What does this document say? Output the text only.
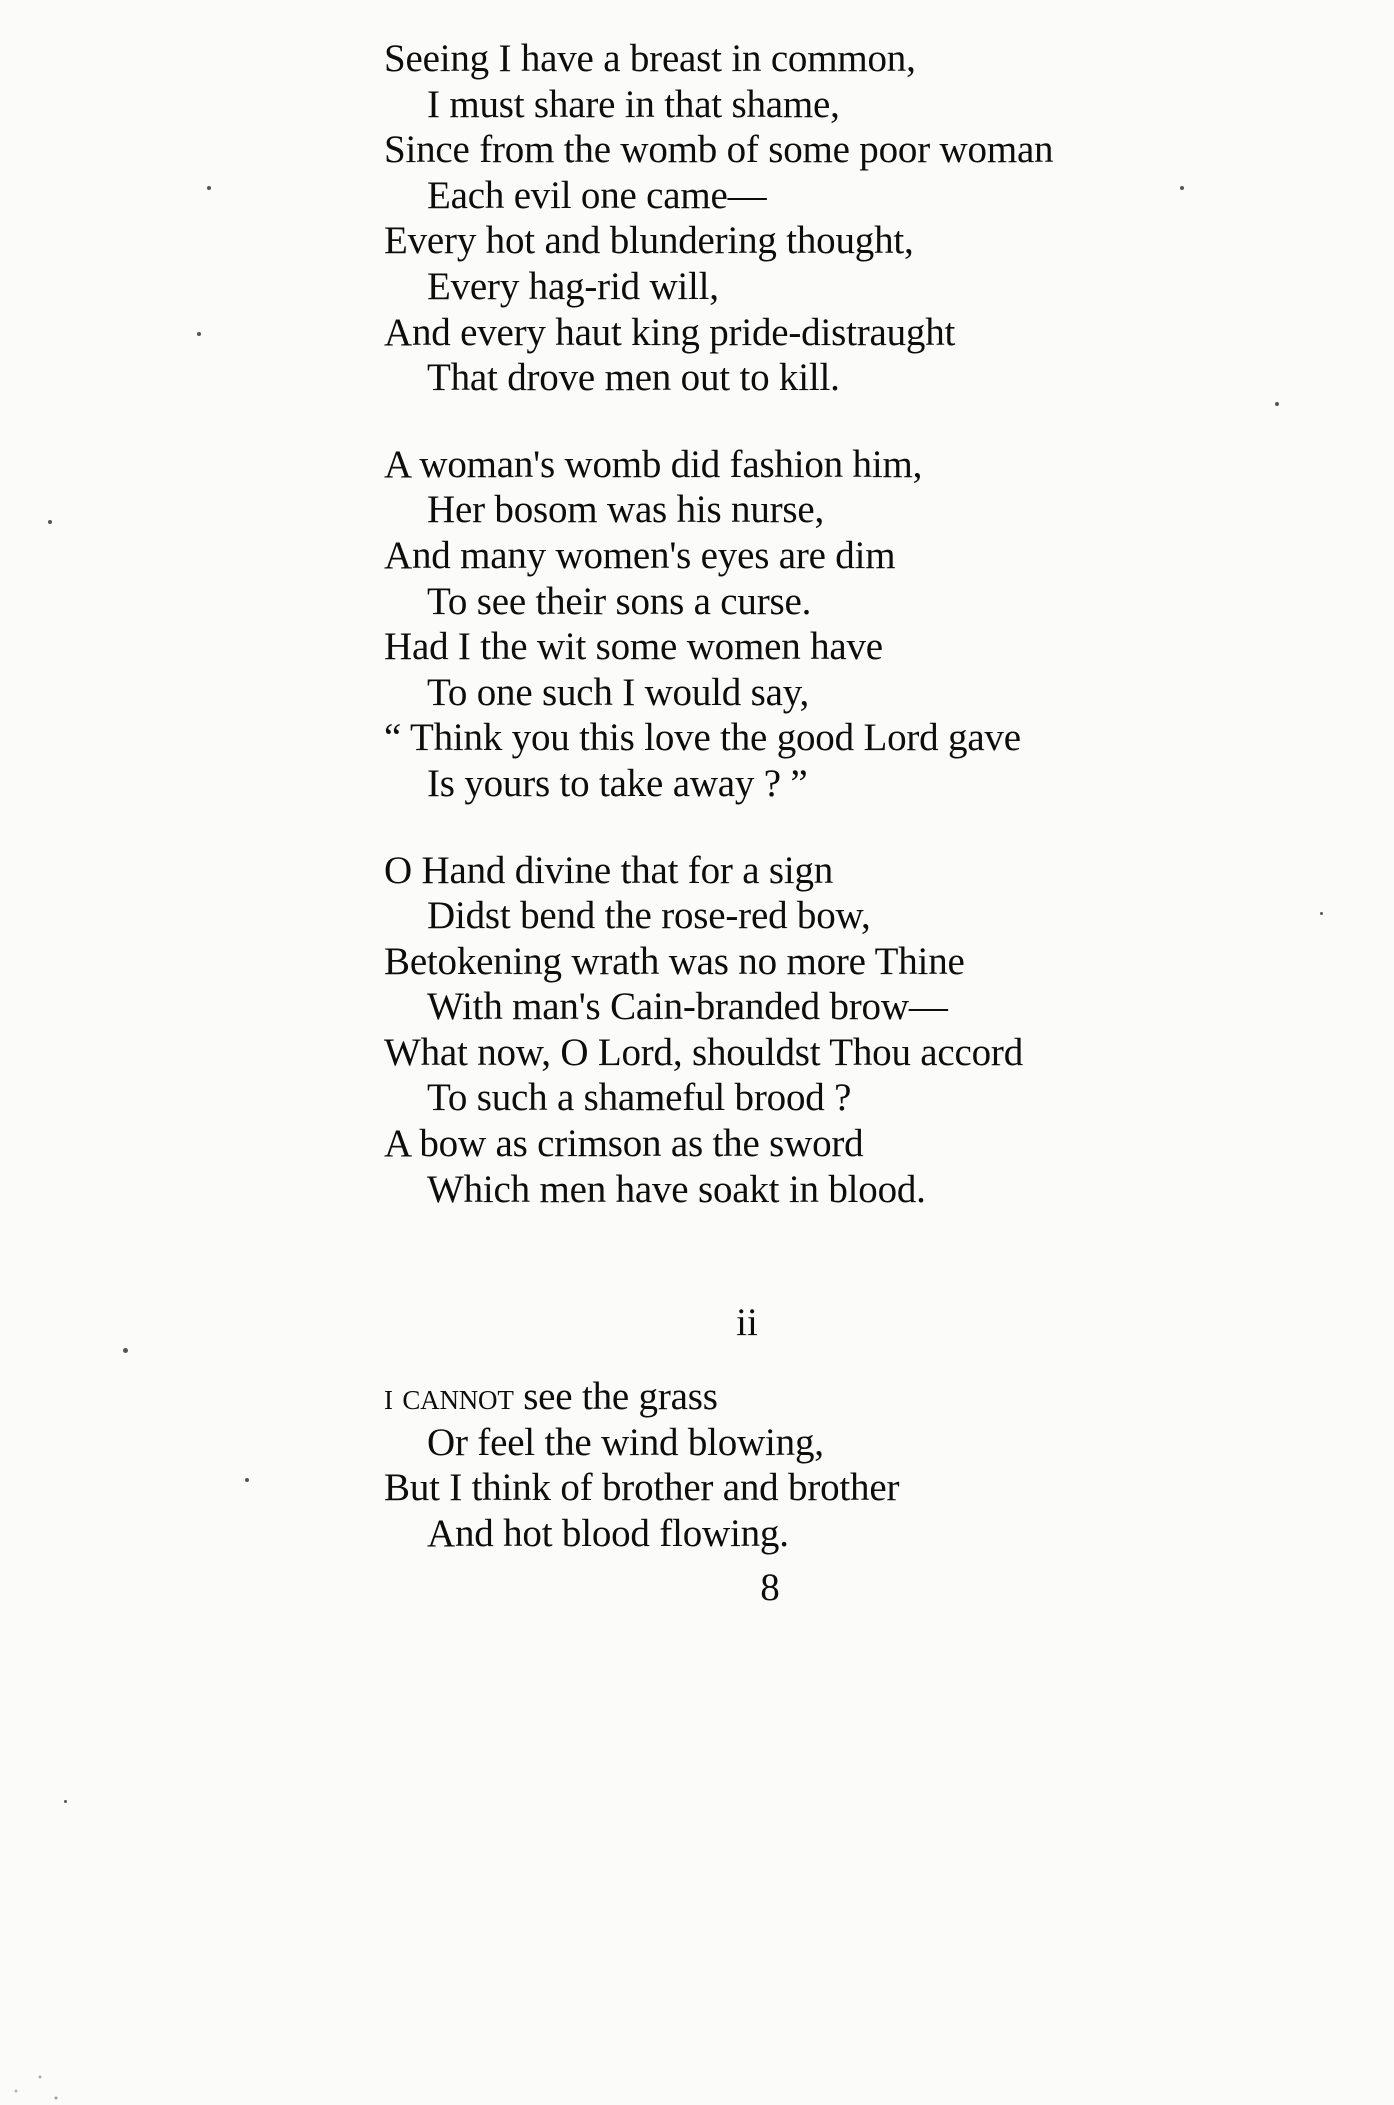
Seeing I have a breast in common,
I must share in that shame,
Since from the womb of some poor woman
Each evil one came—
Every hot and blundering thought,
Every hag-rid will,
And every haut king pride-distraught
That drove men out to kill.
A woman's womb did fashion him,
Her bosom was his nurse,
And many women's eyes are dim
To see their sons a curse.
Had I the wit some women have
To one such I would say,
“ Think you this love the good Lord gave
Is yours to take away ? ”
O Hand divine that for a sign
Didst bend the rose-red bow,
Betokening wrath was no more Thine
With man's Cain-branded brow—
What now, O Lord, shouldst Thou accord
To such a shameful brood ?
A bow as crimson as the sword
Which men have soakt in blood.
ii
i cannot see the grass
Or feel the wind blowing,
But I think of brother and brother
And hot blood flowing.
8
